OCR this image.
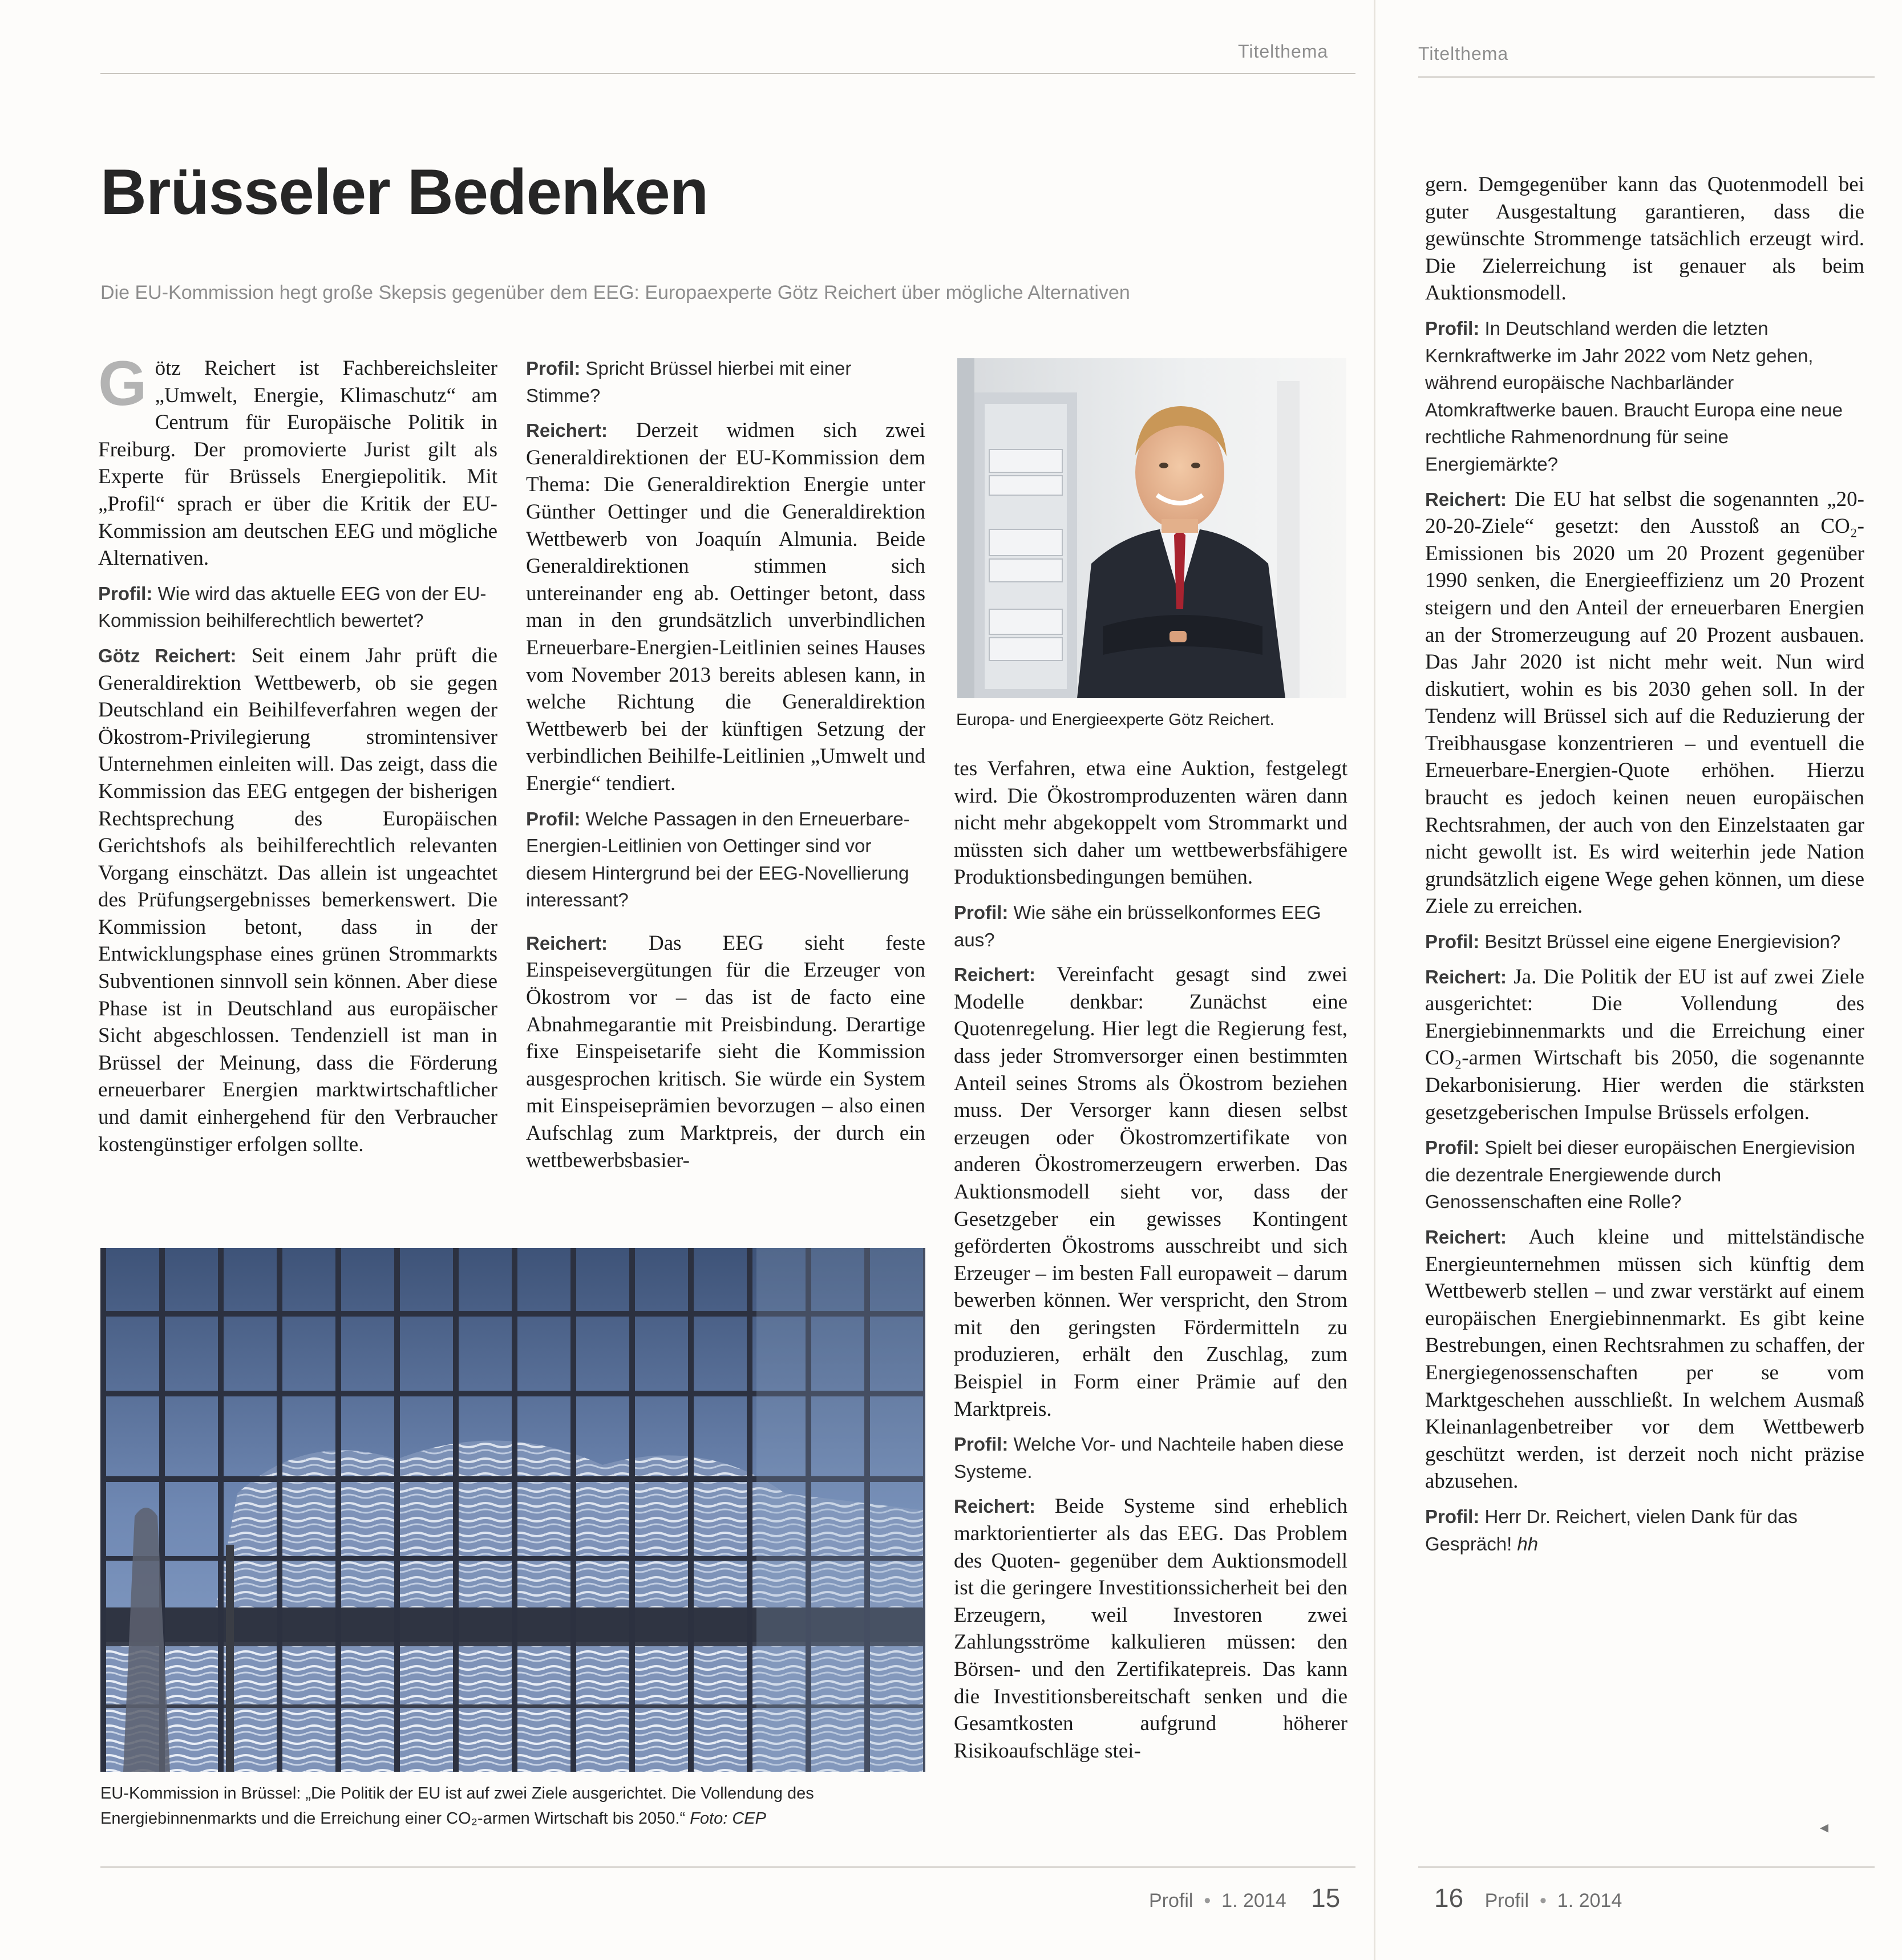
Titelthema
Brüsseler Bedenken

Die EU-Kommission hegt große Skepsis gegenüber dem EEG: Europaexperte Götz Reichert über mögliche Alternativen

Götz Reichert ist Fachbereichsleiter „Umwelt, Energie, Klimaschutz“ am Centrum für Europäische Politik in Freiburg. Der promovierte Jurist gilt als Experte für Brüssels Energiepolitik. Mit „Profil“ sprach er über die Kritik der EU-Kommission am deutschen EEG und mögliche Alternativen.

Profil: Wie wird das aktuelle EEG von der EU-Kommission beihilferechtlich bewertet?

Götz Reichert: Seit einem Jahr prüft die Generaldirektion Wettbewerb, ob sie gegen Deutschland ein Beihilfeverfahren wegen der Ökostrom-Privilegierung stromintensiver Unternehmen einleiten will. Das zeigt, dass die Kommission das EEG entgegen der bisherigen Rechtsprechung des Europäischen Gerichtshofs als beihilferechtlich relevanten Vorgang einschätzt. Das allein ist ungeachtet des Prüfungsergebnisses bemerkenswert. Die Kommission betont, dass in der Entwicklungsphase eines grünen Strommarkts Subventionen sinnvoll sein können. Aber diese Phase ist in Deutschland aus europäischer Sicht abgeschlossen. Tendenziell ist man in Brüssel der Meinung, dass die Förderung erneuerbarer Energien marktwirtschaftlicher und damit einhergehend für den Verbraucher kostengünstiger erfolgen sollte.

Profil: Spricht Brüssel hierbei mit einer Stimme?

Reichert: Derzeit widmen sich zwei Generaldirektionen der EU-Kommission dem Thema: Die Generaldirektion Energie unter Günther Oettinger und die Generaldirektion Wettbewerb von Joaquín Almunia. Beide Generaldirektionen stimmen sich untereinander eng ab. Oettinger betont, dass man in den grundsätzlich unverbindlichen Erneuerbare-Energien-Leitlinien seines Hauses vom November 2013 bereits ablesen kann, in welche Richtung die Generaldirektion Wettbewerb bei der künftigen Setzung der verbindlichen Beihilfe-Leitlinien „Umwelt und Energie“ tendiert.

Profil: Welche Passagen in den Erneuerbare-Energien-Leitlinien von Oettinger sind vor diesem Hintergrund bei der EEG-Novellierung interessant?

Reichert: Das EEG sieht feste Einspeisevergütungen für die Erzeuger von Ökostrom vor – das ist de facto eine Abnahmegarantie mit Preisbindung. Derartige fixe Einspeisetarife sieht die Kommission ausgesprochen kritisch. Sie würde ein System mit Einspeiseprämien bevorzugen – also einen Aufschlag zum Marktpreis, der durch ein wettbewerbsbasier-

Europa- und Energieexperte Götz Reichert.

tes Verfahren, etwa eine Auktion, festgelegt wird. Die Ökostromproduzenten wären dann nicht mehr abgekoppelt vom Strommarkt und müssten sich daher um wettbewerbsfähigere Produktionsbedingungen bemühen.

Profil: Wie sähe ein brüsselkonformes EEG aus?

Reichert: Vereinfacht gesagt sind zwei Modelle denkbar: Zunächst eine Quotenregelung. Hier legt die Regierung fest, dass jeder Stromversorger einen bestimmten Anteil seines Stroms als Ökostrom beziehen muss. Der Versorger kann diesen selbst erzeugen oder Ökostromzertifikate von anderen Ökostromerzeugern erwerben. Das Auktionsmodell sieht vor, dass der Gesetzgeber ein gewisses Kontingent geförderten Ökostroms ausschreibt und sich Erzeuger – im besten Fall europaweit – darum bewerben können. Wer verspricht, den Strom mit den geringsten Fördermitteln zu produzieren, erhält den Zuschlag, zum Beispiel in Form einer Prämie auf den Marktpreis.

Profil: Welche Vor- und Nachteile haben diese Systeme.

Reichert: Beide Systeme sind erheblich marktorientierter als das EEG. Das Problem des Quoten- gegenüber dem Auktionsmodell ist die geringere Investitionssicherheit bei den Erzeugern, weil Investoren zwei Zahlungsströme kalkulieren müssen: den Börsen- und den Zertifikatepreis. Das kann die Investitionsbereitschaft senken und die Gesamtkosten aufgrund höherer Risikoaufschläge stei-

EU-Kommission in Brüssel: „Die Politik der EU ist auf zwei Ziele ausgerichtet. Die Vollendung des Energiebinnenmarkts und die Erreichung einer CO₂-armen Wirtschaft bis 2050.“ Foto: CEP

Profil  •  1. 2014 15
Titelthema

gern. Demgegenüber kann das Quotenmodell bei guter Ausgestaltung garantieren, dass die gewünschte Strommenge tatsächlich erzeugt wird. Die Zielerreichung ist genauer als beim Auktionsmodell.

Profil: In Deutschland werden die letzten Kernkraftwerke im Jahr 2022 vom Netz gehen, während europäische Nachbarländer Atomkraftwerke bauen. Braucht Europa eine neue rechtliche Rahmenordnung für seine Energiemärkte?

Reichert: Die EU hat selbst die sogenannten „20-20-20-Ziele“ gesetzt: den Ausstoß an CO₂-Emissionen bis 2020 um 20 Prozent gegenüber 1990 senken, die Energieeffizienz um 20 Prozent steigern und den Anteil der erneuerbaren Energien an der Stromerzeugung auf 20 Prozent ausbauen. Das Jahr 2020 ist nicht mehr weit. Nun wird diskutiert, wohin es bis 2030 gehen soll. In der Tendenz will Brüssel sich auf die Reduzierung der Treibhausgase konzentrieren – und eventuell die Erneuerbare-Energien-Quote erhöhen. Hierzu braucht es jedoch keinen neuen europäischen Rechtsrahmen, der auch von den Einzelstaaten gar nicht gewollt ist. Es wird weiterhin jede Nation grundsätzlich eigene Wege gehen können, um diese Ziele zu erreichen.

Profil: Besitzt Brüssel eine eigene Energievision?

Reichert: Ja. Die Politik der EU ist auf zwei Ziele ausgerichtet: Die Vollendung des Energiebinnenmarkts und die Erreichung einer CO₂-armen Wirtschaft bis 2050, die sogenannte Dekarbonisierung. Hier werden die stärksten gesetzgeberischen Impulse Brüssels erfolgen.

Profil: Spielt bei dieser europäischen Energievision die dezentrale Energiewende durch Genossenschaften eine Rolle?

Reichert: Auch kleine und mittelständische Energieunternehmen müssen sich künftig dem Wettbewerb stellen – und zwar verstärkt auf einem europäischen Energiebinnenmarkt. Es gibt keine Bestrebungen, einen Rechtsrahmen zu schaffen, der Energiegenossenschaften per se vom Marktgeschehen ausschließt. In welchem Ausmaß Kleinanlagenbetreiber vor dem Wettbewerb geschützt werden, ist derzeit noch nicht präzise abzusehen.

Profil: Herr Dr. Reichert, vielen Dank für das Gespräch! hh

◂
16 Profil  •  1. 2014
